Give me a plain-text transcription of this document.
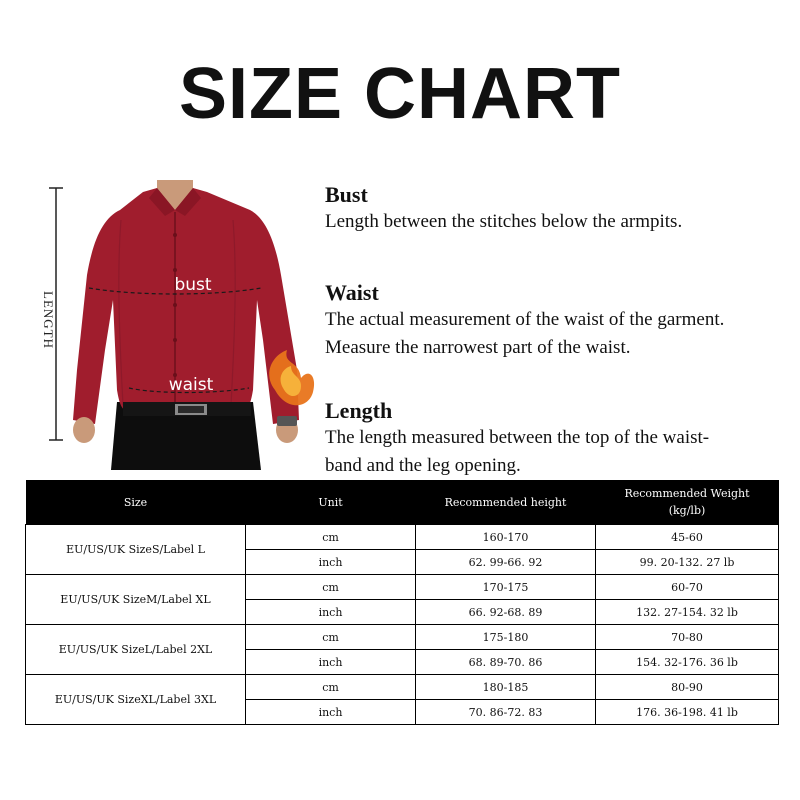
SIZE CHART
LENGTH
bust
waist
Bust
Length between the stitches below the armpits.
Waist
The actual measurement of the waist of the garment.
Measure the narrowest part of the waist.
Length
The length measured between the top of the waist-
band and the leg opening.
Size	Unit	Recommended height	Recommended Weight
(kg/lb)

EU/US/UK SizeS/Label L	cm	160-170	45-60
	inch	62. 99-66. 92	99. 20-132. 27 lb
EU/US/UK SizeM/Label XL	cm	170-175	60-70
	inch	66. 92-68. 89	132. 27-154. 32 lb
EU/US/UK SizeL/Label 2XL	cm	175-180	70-80
	inch	68. 89-70. 86	154. 32-176. 36 lb
EU/US/UK SizeXL/Label 3XL	cm	180-185	80-90
	inch	70. 86-72. 83	176. 36-198. 41 lb
